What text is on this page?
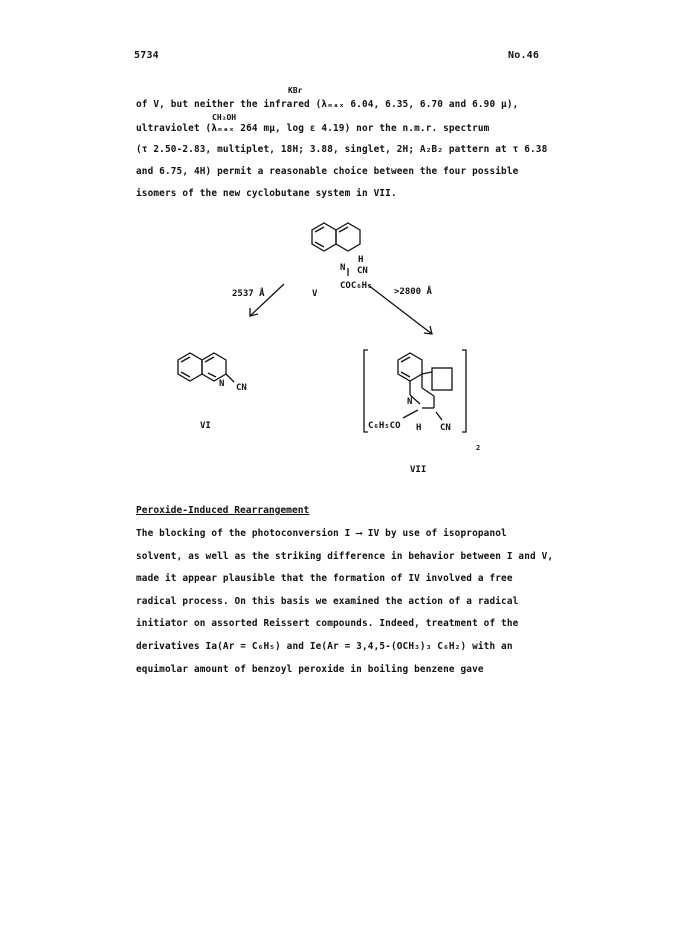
5734	No.46
KBr
of V, but neither the infrared (λₘₐₓ 6.04, 6.35, 6.70 and 6.90 μ),
CH₃OH
ultraviolet (λₘₐₓ 264 mμ, log ε 4.19) nor the n.m.r. spectrum
(τ 2.50-2.83, multiplet, 18H; 3.88, singlet, 2H; A₂B₂ pattern at τ 6.38
and 6.75, 4H) permit a reasonable choice between the four possible
isomers of the new cyclobutane system in VII.
H
N CN
COC₆H₅
V
2537 Å	>2800 Å
N CN
VI
N
C₆H₅CO H CN
2
VII
Peroxide-Induced Rearrangement
The blocking of the photoconversion I ⟶ IV by use of isopropanol
solvent, as well as the striking difference in behavior between I and V,
made it appear plausible that the formation of IV involved a free
radical process. On this basis we examined the action of a radical
initiator on assorted Reissert compounds. Indeed, treatment of the
derivatives Ia(Ar = C₆H₅) and Ie(Ar = 3,4,5-(OCH₃)₃ C₆H₂) with an
equimolar amount of benzoyl peroxide in boiling benzene gave
